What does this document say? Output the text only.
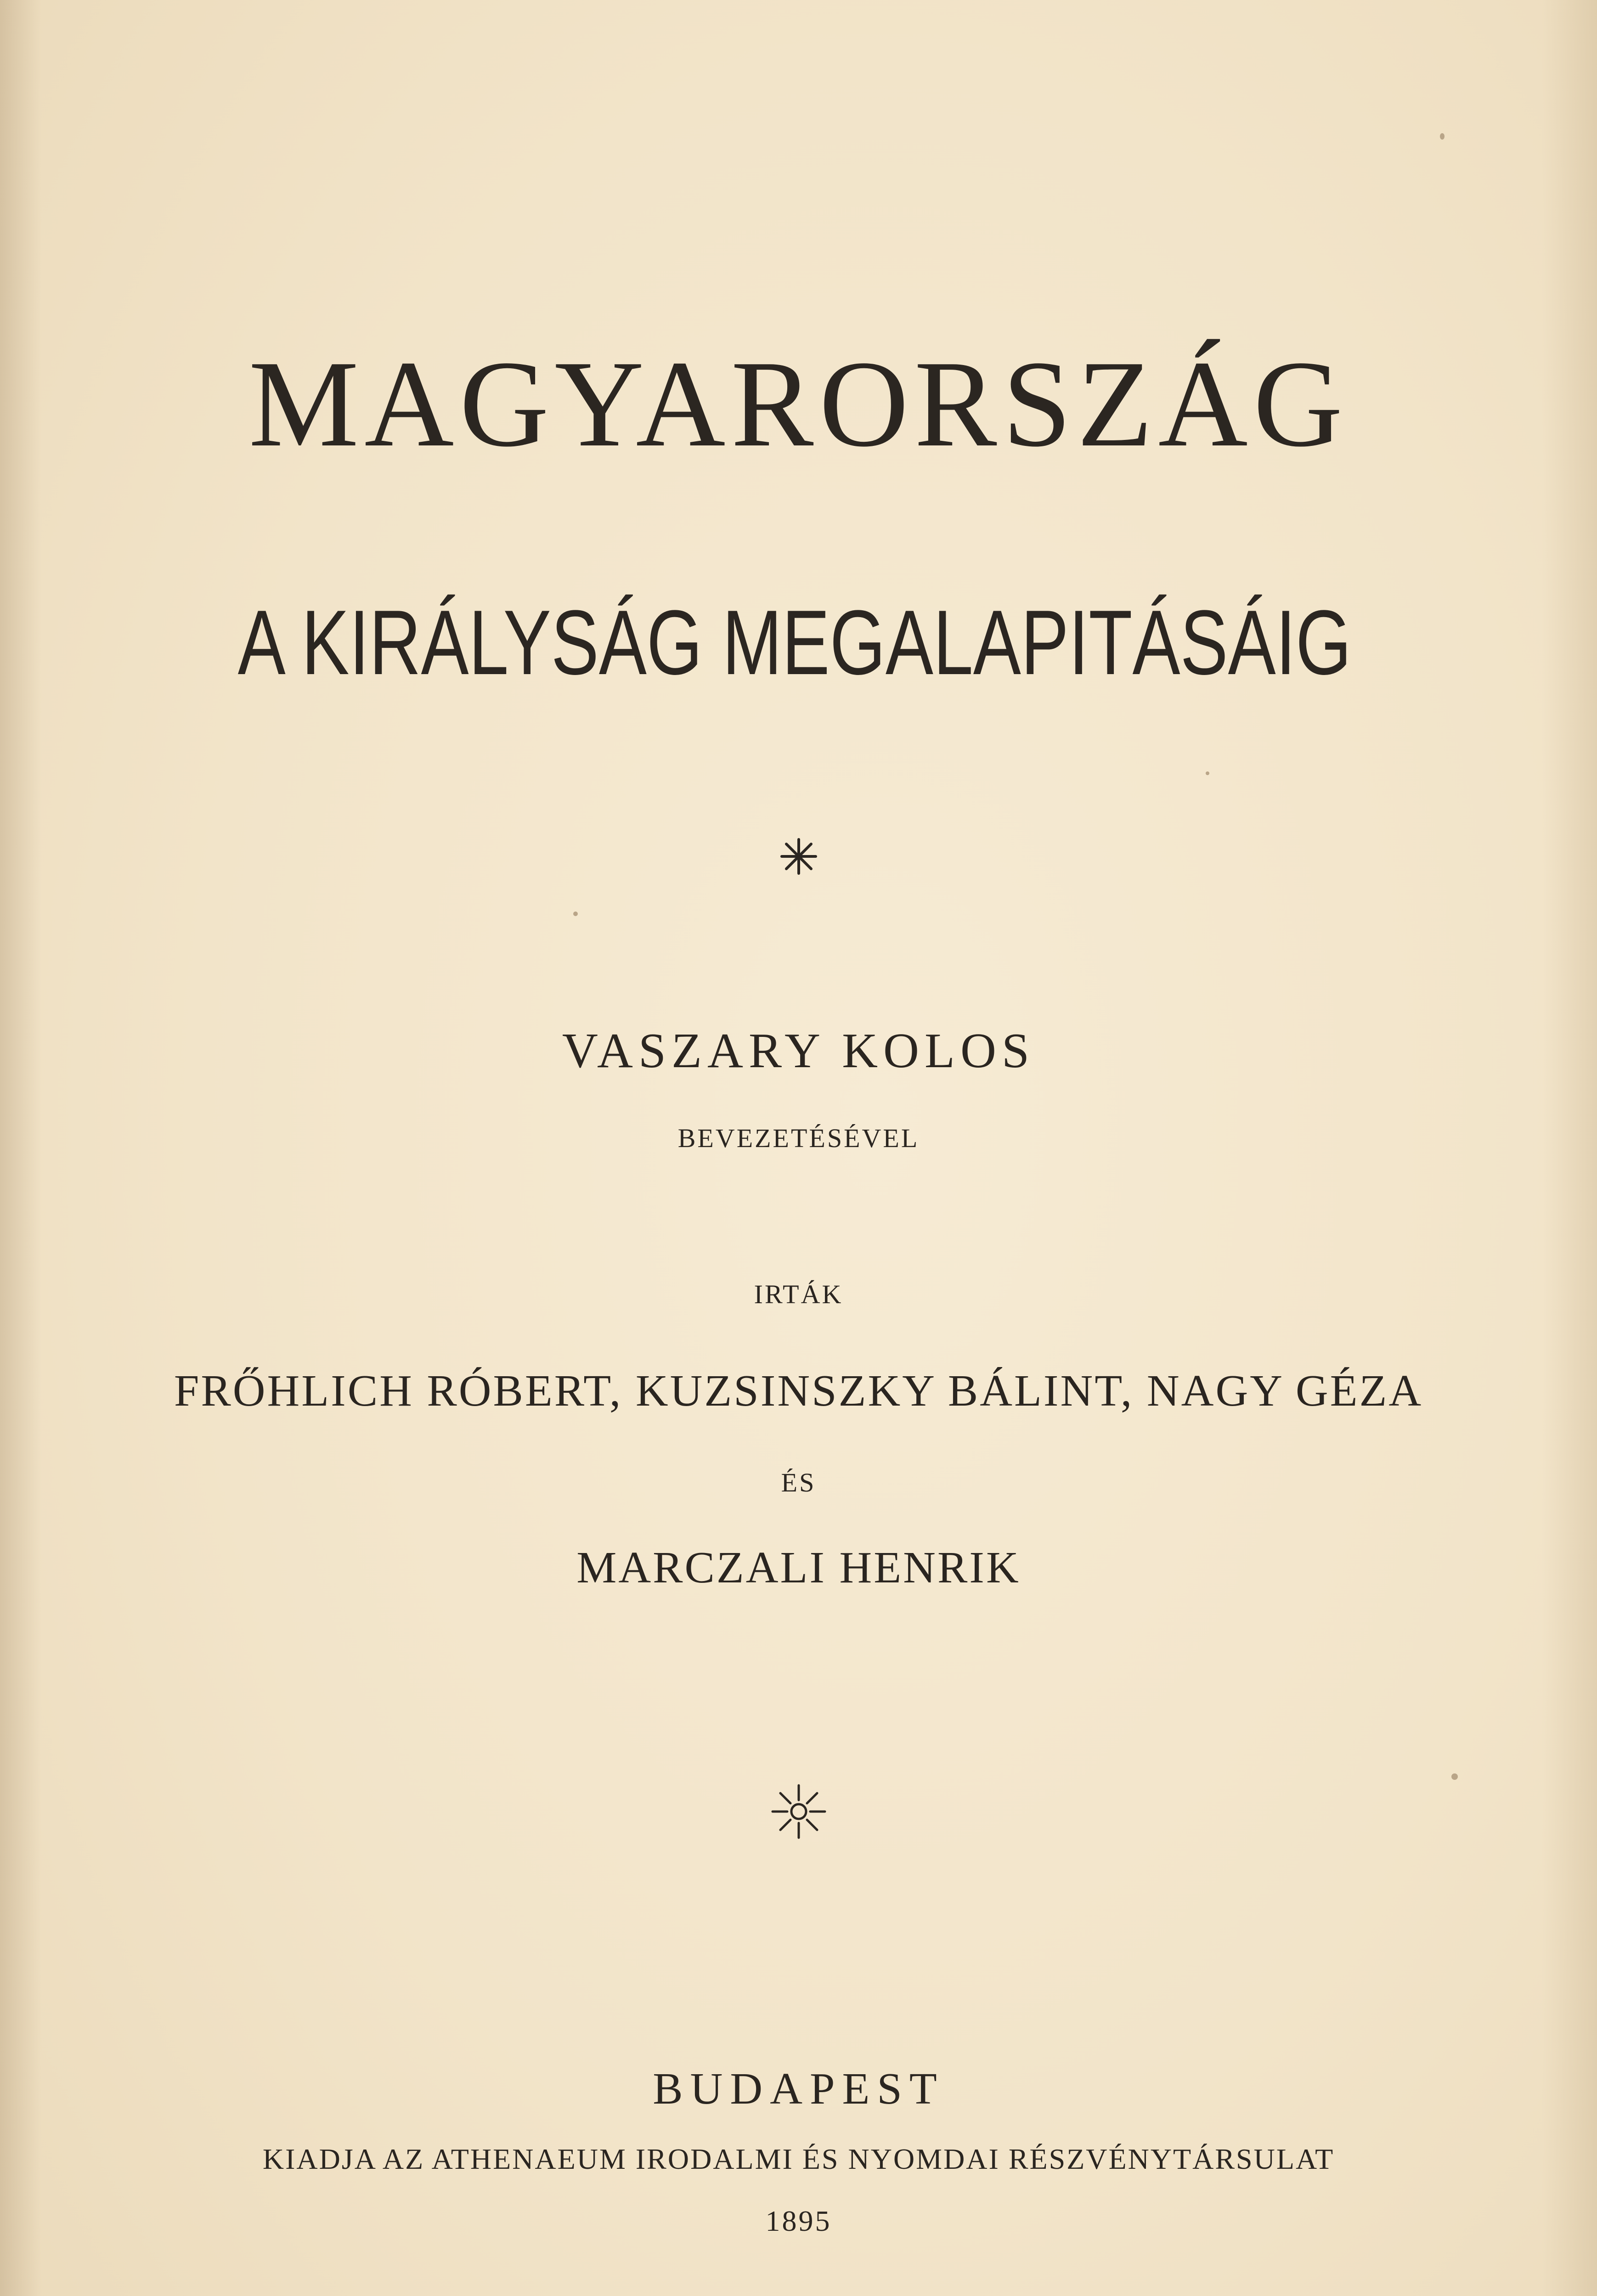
MAGYARORSZÁG
A KIRÁLYSÁG MEGALAPITÁSÁIG
VASZARY KOLOS
BEVEZETÉSÉVEL
IRTÁK
FRŐHLICH RÓBERT, KUZSINSZKY BÁLINT, NAGY GÉZA
ÉS
MARCZALI HENRIK
BUDAPEST
KIADJA AZ ATHENAEUM IRODALMI ÉS NYOMDAI RÉSZVÉNYTÁRSULAT
1895
